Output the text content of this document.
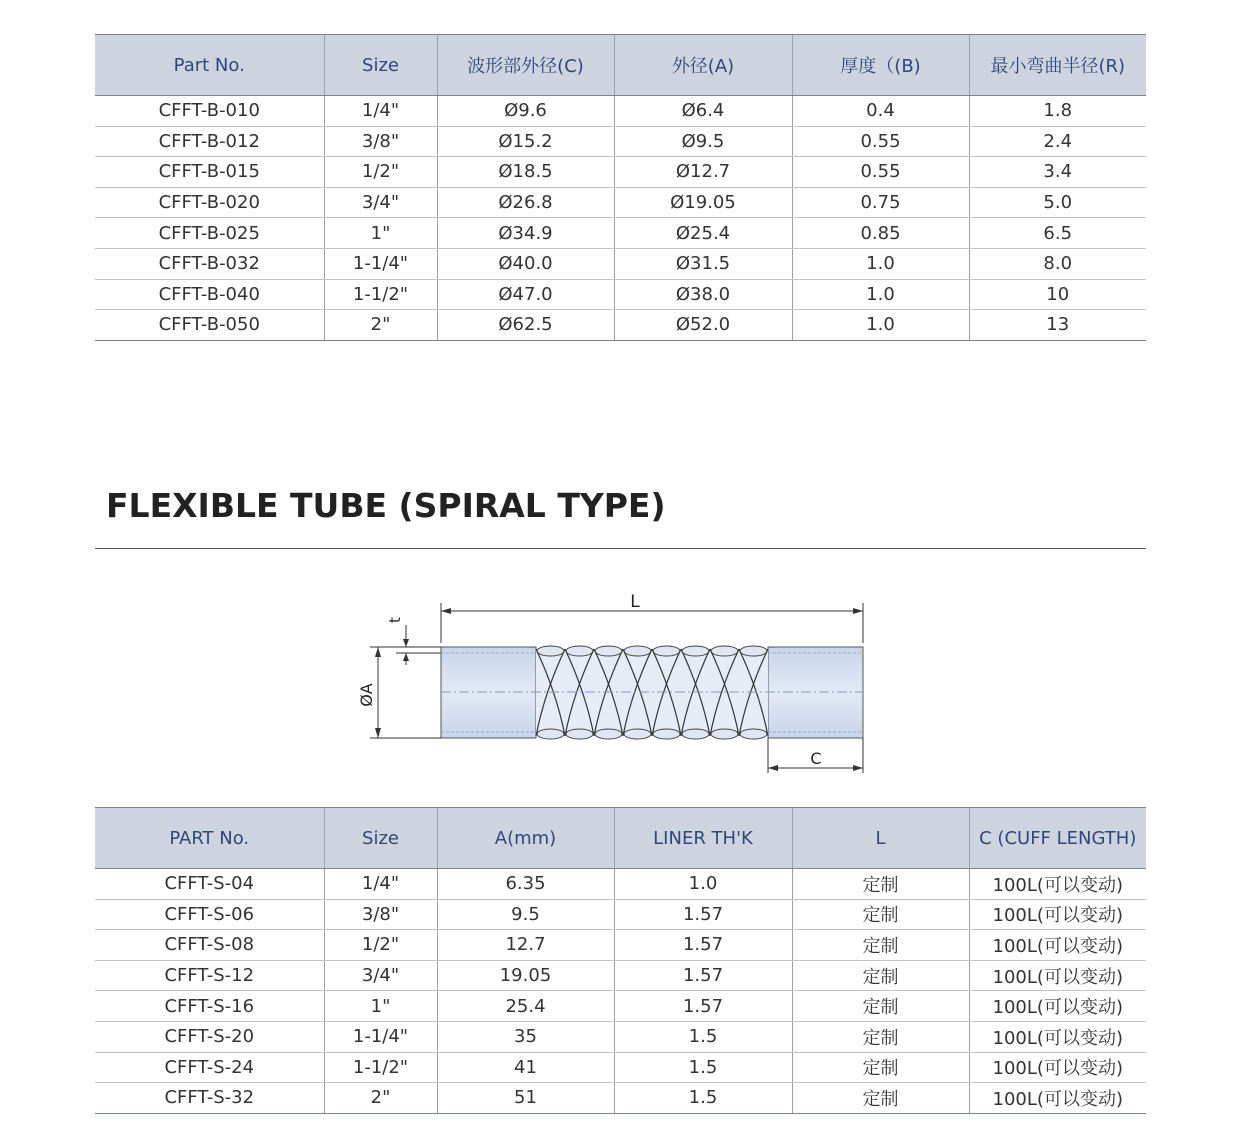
Part No.	Size	波形部外径(C)	外径(A)	厚度（(B)	最小弯曲半径(R)
CFFT-B-010	1/4"	Ø9.6	Ø6.4	0.4	1.8
CFFT-B-012	3/8"	Ø15.2	Ø9.5	0.55	2.4
CFFT-B-015	1/2"	Ø18.5	Ø12.7	0.55	3.4
CFFT-B-020	3/4"	Ø26.8	Ø19.05	0.75	5.0
CFFT-B-025	1"	Ø34.9	Ø25.4	0.85	6.5
CFFT-B-032	1-1/4"	Ø40.0	Ø31.5	1.0	8.0
CFFT-B-040	1-1/2"	Ø47.0	Ø38.0	1.0	10
CFFT-B-050	2"	Ø62.5	Ø52.0	1.0	13
FLEXIBLE TUBE (SPIRAL TYPE)
L
t
ØA
C
PART No.	Size	A(mm)	LINER TH'K	L	C (CUFF LENGTH)
CFFT-S-04	1/4"	6.35	1.0	定制	100L(可以变动)
CFFT-S-06	3/8"	9.5	1.57	定制	100L(可以变动)
CFFT-S-08	1/2"	12.7	1.57	定制	100L(可以变动)
CFFT-S-12	3/4"	19.05	1.57	定制	100L(可以变动)
CFFT-S-16	1"	25.4	1.57	定制	100L(可以变动)
CFFT-S-20	1-1/4"	35	1.5	定制	100L(可以变动)
CFFT-S-24	1-1/2"	41	1.5	定制	100L(可以变动)
CFFT-S-32	2"	51	1.5	定制	100L(可以变动)
